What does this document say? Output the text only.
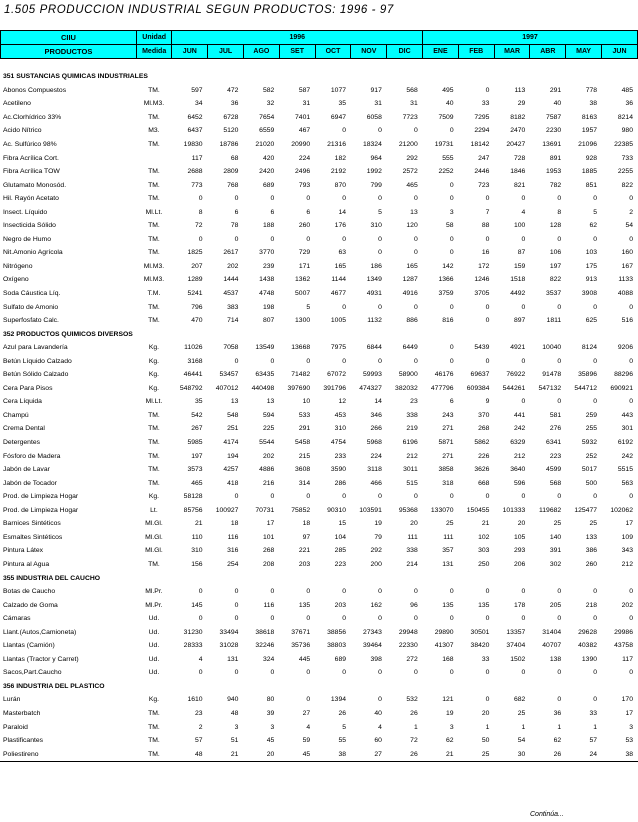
1.505 PRODUCCION INDUSTRIAL SEGUN PRODUCTOS: 1996 - 97
CIIU	Unidad	1996							1997					
PRODUCTOS	Medida	JUN	JUL	AGO	SET	OCT	NOV	DIC	ENE	FEB	MAR	ABR	MAY	JUN
351 SUSTANCIAS QUIMICAS INDUSTRIALES														
Abonos Compuestos	TM.	597	472	582	587	1077	917	568	495	0	113	291	778	485
Acetileno	Ml.M3.	34	36	32	31	35	31	31	40	33	29	40	38	36
Ac.Clorhídrico 33%	TM.	6452	6728	7654	7401	6947	6058	7723	7509	7295	8182	7587	8163	8214
Acido Nítrico	M3.	6437	5120	6559	467	0	0	0	0	2294	2470	2230	1957	980
Ac. Sulfúrico 98%	TM.	19830	18786	21020	20990	21316	18324	21200	19731	18142	20427	13691	21096	22385
Fibra Acrílica Cort.		117	68	420	224	182	964	292	555	247	728	891	928	733
Fibra Acrílica TOW	TM.	2688	2809	2420	2496	2192	1992	2572	2252	2446	1846	1953	1885	2255
Glutamato Monosód.	TM.	773	768	689	793	870	799	465	0	723	821	782	851	822
Hil. Rayón Acetato	TM.	0	0	0	0	0	0	0	0	0	0	0	0	0
Insect. Líquido	Ml.Lt.	8	6	6	6	14	5	13	3	7	4	8	5	2
Insecticida Sólido	TM.	72	78	188	260	176	310	120	58	88	100	128	62	54
Negro de Humo	TM.	0	0	0	0	0	0	0	0	0	0	0	0	0
Nit.Amonio Agrícola	TM.	1825	2617	3770	729	63	0	0	0	16	87	106	103	160
Nitrógeno	Ml.M3.	207	202	239	171	165	186	165	142	172	159	197	175	167
Oxígeno	Ml.M3.	1289	1444	1438	1362	1144	1349	1287	1366	1246	1518	822	913	1133
Soda Cáustica Líq.	T.M.	5241	4537	4748	5007	4677	4931	4916	3759	3705	4492	3537	3908	4088
Sulfato de Amonio	TM.	796	383	198	5	0	0	0	0	0	0	0	0	0
Superfosfato Calc.	TM.	470	714	807	1300	1005	1132	886	816	0	897	1811	625	516
352 PRODUCTOS QUIMICOS DIVERSOS														
Azul para Lavandería	Kg.	11026	7058	13549	13668	7975	6844	6449	0	5439	4921	10040	8124	9206
Betún Líquido Calzado	Kg.	3168	0	0	0	0	0	0	0	0	0	0	0	0
Betún Sólido Calzado	Kg.	46441	53457	63435	71482	67072	59993	58900	46176	69637	76922	91478	35896	88296
Cera Para Pisos	Kg.	548792	407012	440498	397690	391796	474327	382032	477796	609384	544261	547132	544712	690921
Cera Líquida	Ml.Lt.	35	13	13	10	12	14	23	6	9	0	0	0	0
Champú	TM.	542	548	594	533	453	346	338	243	370	441	581	259	443
Crema Dental	TM.	267	251	225	291	310	266	219	271	268	242	276	255	301
Detergentes	TM.	5985	4174	5544	5458	4754	5968	6196	5871	5862	6329	6341	5932	6192
Fósforo de Madera	TM.	197	194	202	215	233	224	212	271	226	212	223	252	242
Jabón de Lavar	TM.	3573	4257	4886	3608	3590	3118	3011	3858	3626	3640	4599	5017	5515
Jabón de Tocador	TM.	465	418	216	314	286	466	515	318	668	596	568	500	563
Prod. de Limpieza Hogar	Kg.	58128	0	0	0	0	0	0	0	0	0	0	0	0
Prod. de Limpieza Hogar	Lt.	85756	100927	70731	75852	90310	103591	95368	133070	150455	101333	119682	125477	102062
Barnices Sintéticos	Ml.Gl.	21	18	17	18	15	19	20	25	21	20	25	25	17
Esmaltes Sintéticos	Ml.Gl.	110	116	101	97	104	79	111	111	102	105	140	133	109
Pintura Látex	Ml.Gl.	310	316	268	221	285	292	338	357	303	293	391	386	343
Pintura al Agua	TM.	156	254	208	203	223	200	214	131	250	206	302	260	212
355 INDUSTRIA DEL CAUCHO														
Botas de Caucho	Ml.Pr.	0	0	0	0	0	0	0	0	0	0	0	0	0
Calzado de Goma	Ml.Pr.	145	0	116	135	203	162	96	135	135	178	205	218	202
Cámaras	Ud.	0	0	0	0	0	0	0	0	0	0	0	0	0
Llant.(Autos,Camioneta)	Ud.	31230	33494	38618	37671	38856	27343	29948	29890	30501	13357	31404	29628	29986
Llantas (Camión)	Ud.	28333	31028	32246	35736	38803	39464	22330	41307	38420	37404	40707	40382	43758
Llantas (Tractor y Carret)	Ud.	4	131	324	445	689	398	272	168	33	1502	138	1390	117
Sacos,Part.Caucho	Ud.	0	0	0	0	0	0	0	0	0	0	0	0	0
356 INDUSTRIA DEL PLASTICO														
Lurán	Kg.	1610	940	80	0	1394	0	532	121	0	682	0	0	170
Masterbatch	TM.	23	48	39	27	26	40	26	19	20	25	36	33	17
Paraloid	TM.	2	3	3	4	5	4	1	3	1	1	1	1	3
Plastificantes	TM.	57	51	45	59	55	60	72	62	50	54	62	57	53
Poliestireno	TM.	48	21	20	45	38	27	26	21	25	30	26	24	38
Continúa...
